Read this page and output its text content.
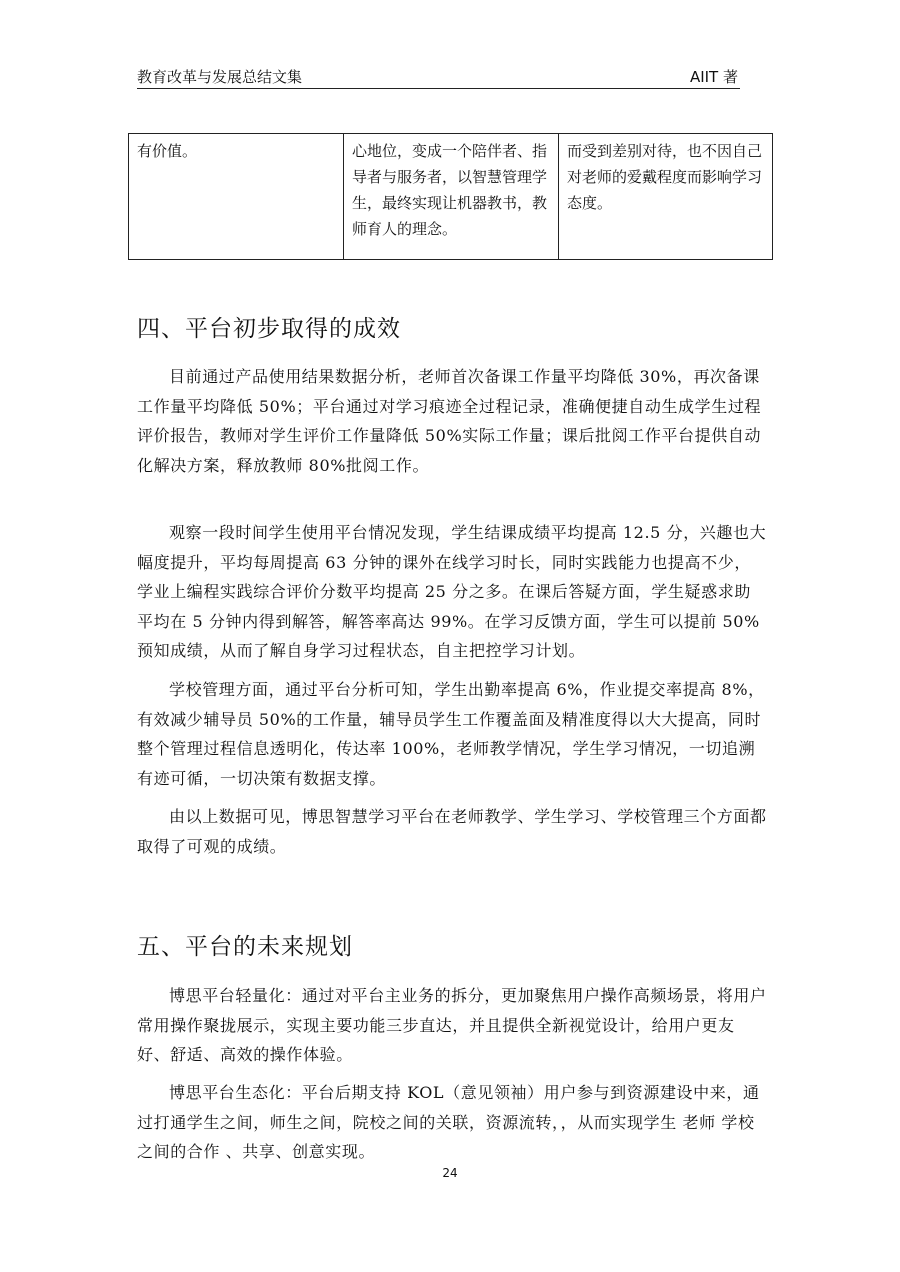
教育改革与发展总结文集	AIIT 著
有价值。	心地位，变成一个陪伴者、指导者与服务者，以智慧管理学生，最终实现让机器教书，教师育人的理念。	而受到差别对待，也不因自己对老师的爱戴程度而影响学习态度。
四、平台初步取得的成效

目前通过产品使用结果数据分析，老师首次备课工作量平均降低 30%，再次备课工作量平均降低 50%；平台通过对学习痕迹全过程记录，准确便捷自动生成学生过程评价报告，教师对学生评价工作量降低 50%实际工作量；课后批阅工作平台提供自动化解决方案，释放教师 80%批阅工作。

观察一段时间学生使用平台情况发现，学生结课成绩平均提高 12.5 分，兴趣也大幅度提升，平均每周提高 63 分钟的课外在线学习时长，同时实践能力也提高不少，学业上编程实践综合评价分数平均提高 25 分之多。在课后答疑方面，学生疑惑求助平均在 5 分钟内得到解答，解答率高达 99%。在学习反馈方面，学生可以提前 50%预知成绩，从而了解自身学习过程状态，自主把控学习计划。

学校管理方面，通过平台分析可知，学生出勤率提高 6%，作业提交率提高 8%，有效减少辅导员 50%的工作量，辅导员学生工作覆盖面及精准度得以大大提高，同时整个管理过程信息透明化，传达率 100%，老师教学情况，学生学习情况，一切追溯有迹可循，一切决策有数据支撑。

由以上数据可见，博思智慧学习平台在老师教学、学生学习、学校管理三个方面都取得了可观的成绩。

五、平台的未来规划

博思平台轻量化：通过对平台主业务的拆分，更加聚焦用户操作高频场景，将用户常用操作聚拢展示，实现主要功能三步直达，并且提供全新视觉设计，给用户更友好、舒适、高效的操作体验。

博思平台生态化：平台后期支持 KOL（意见领袖）用户参与到资源建设中来，通过打通学生之间，师生之间，院校之间的关联，资源流转，，从而实现学生 老师 学校之间的合作 、共享、创意实现。

24
